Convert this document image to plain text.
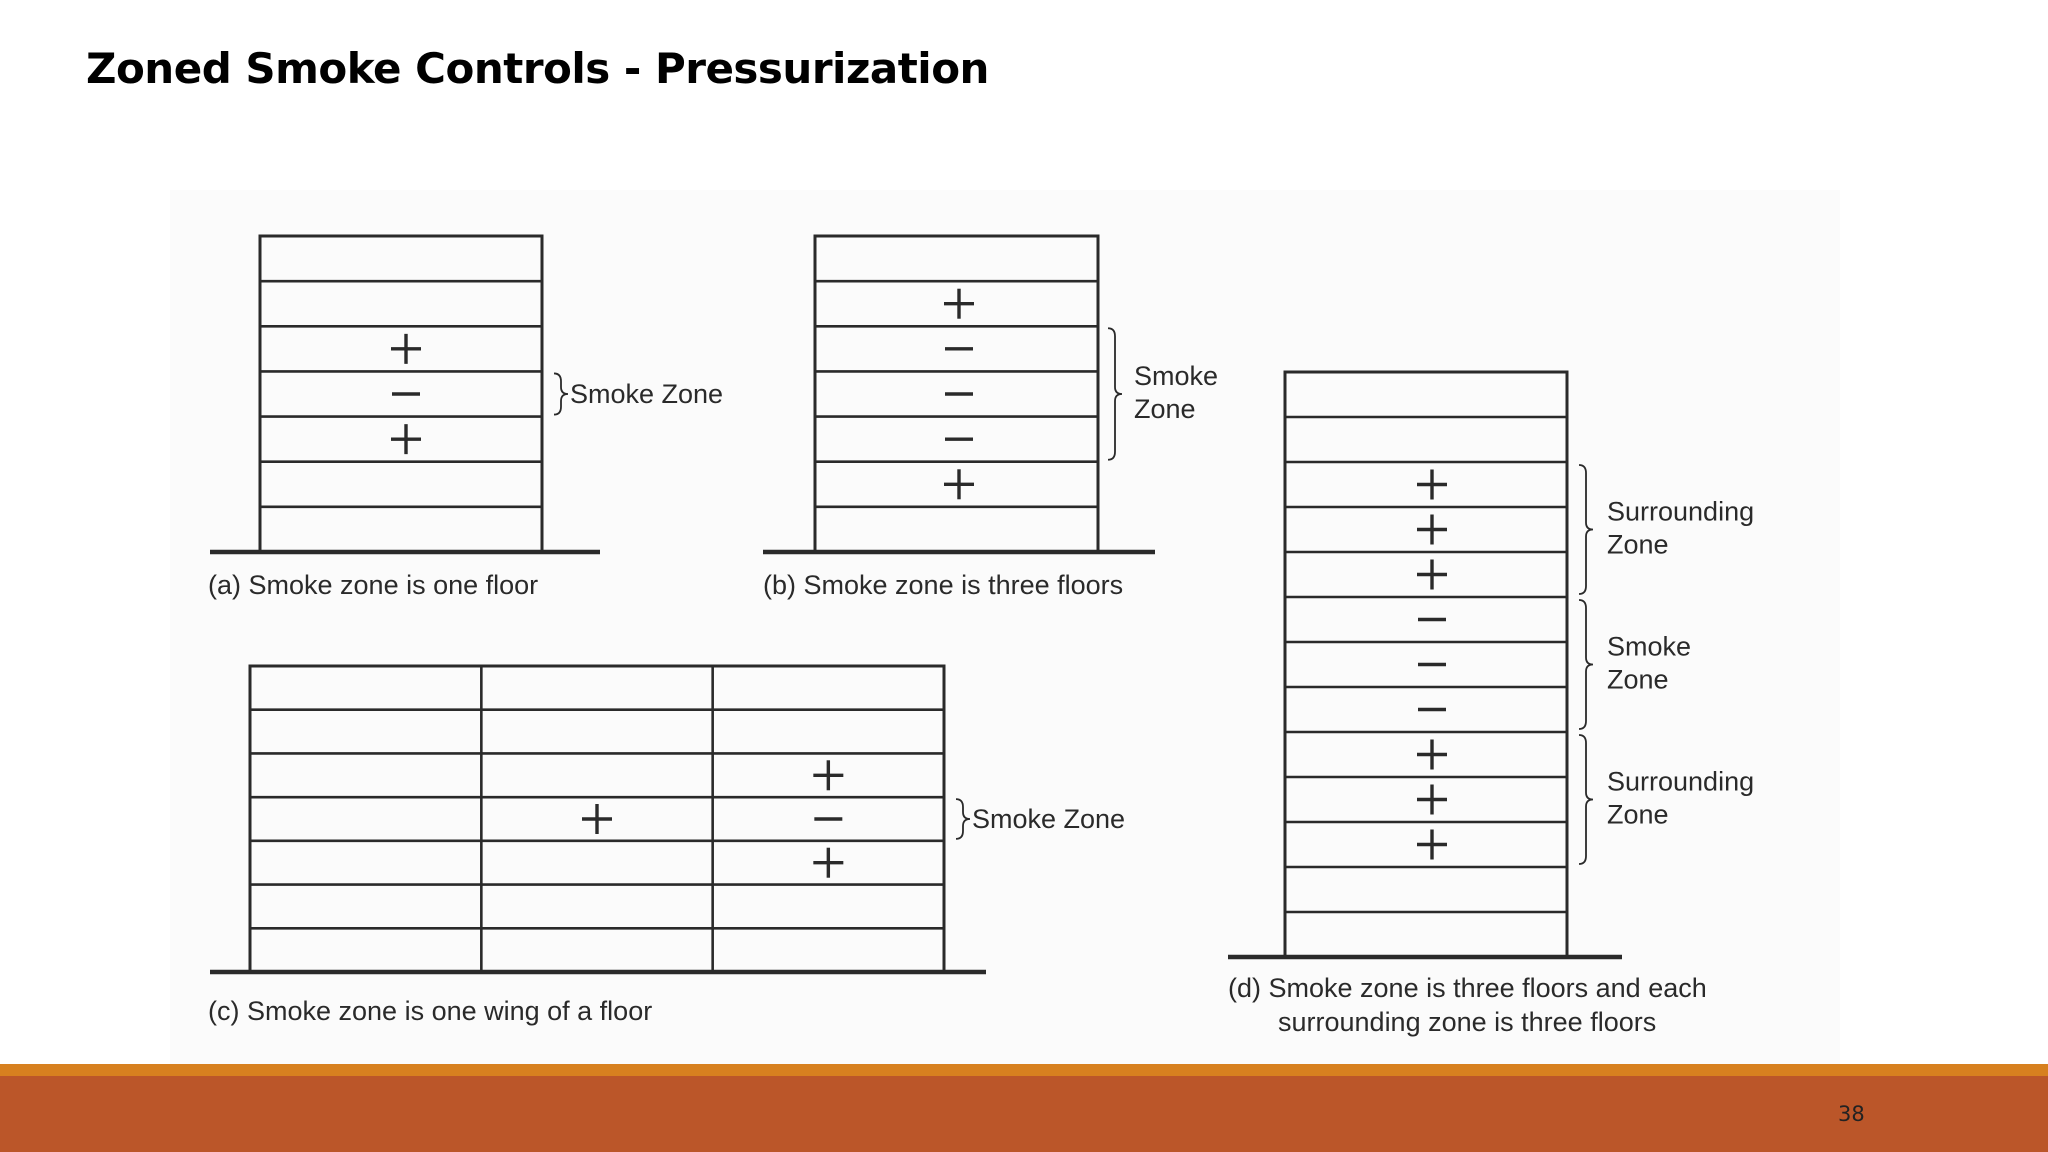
Zoned Smoke Controls - Pressurization
Smoke Zone
(a) Smoke zone is one floor
Smoke
Zone
(b) Smoke zone is three floors
Smoke Zone
(c) Smoke zone is one wing of a floor
Surrounding
Zone
Smoke
Zone
Surrounding
Zone
(d) Smoke zone is three floors and each
surrounding zone is three floors
38
